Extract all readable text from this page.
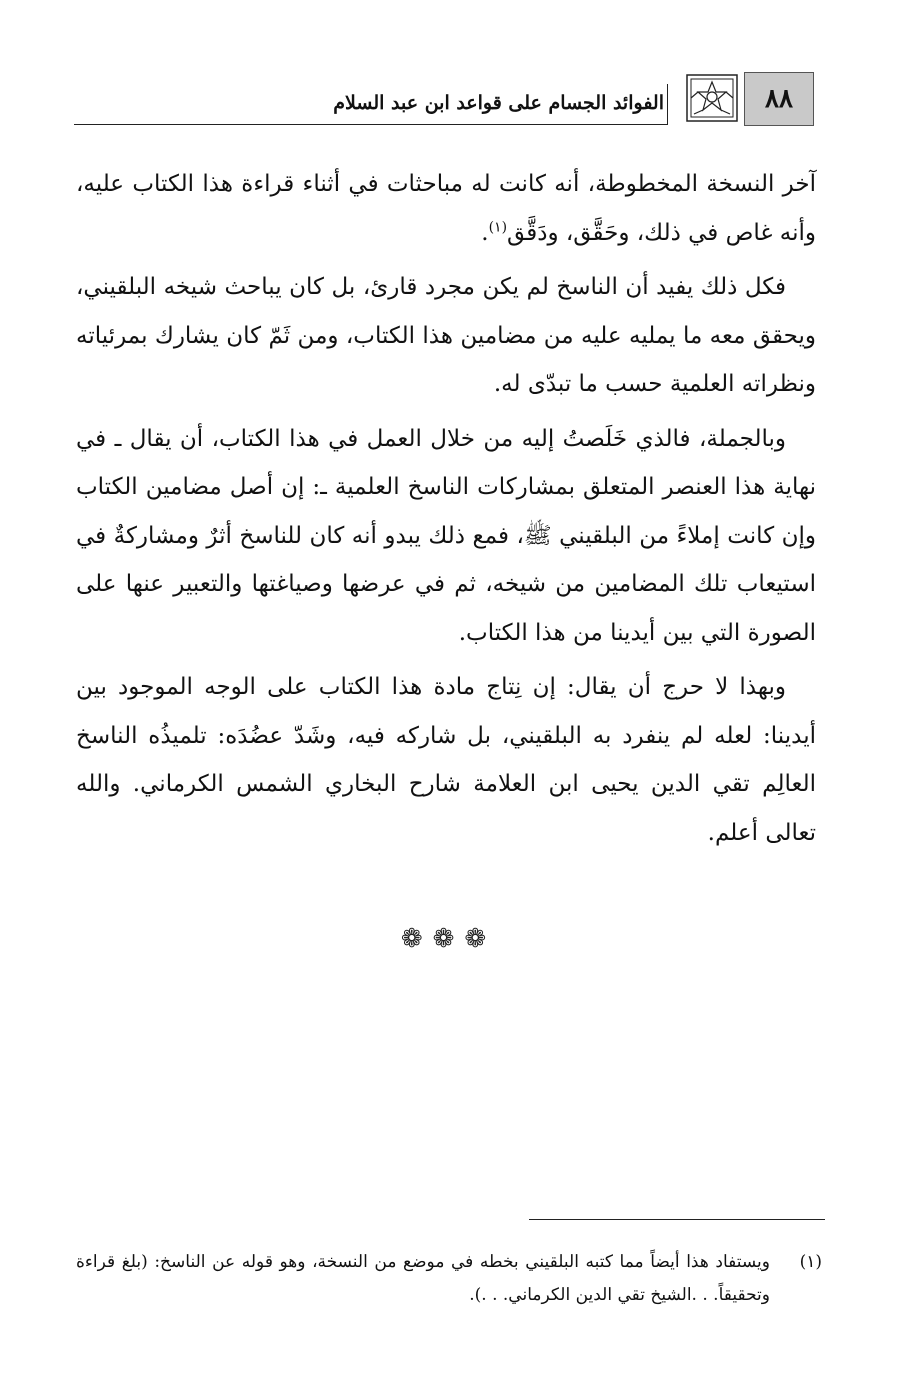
٨٨
الفوائد الجسام على قواعد ابن عبد السلام

آخر النسخة المخطوطة، أنه كانت له مباحثات في أثناء قراءة هذا الكتاب عليه، وأنه غاص في ذلك، وحَقَّق، ودَقَّق$^{(١)}$.

فكل ذلك يفيد أن الناسخ لم يكن مجرد قارئ، بل كان يباحث شيخه البلقيني، ويحقق معه ما يمليه عليه من مضامين هذا الكتاب، ومن ثَمّ كان يشارك بمرئياته ونظراته العلمية حسب ما تبدّى له.

وبالجملة، فالذي خَلَصتُ إليه من خلال العمل في هذا الكتاب، أن يقال ـ في نهاية هذا العنصر المتعلق بمشاركات الناسخ العلمية ـ: إن أصل مضامين الكتاب وإن كانت إملاءً من البلقيني ﷺ، فمع ذلك يبدو أنه كان للناسخ أثرٌ ومشاركةٌ في استيعاب تلك المضامين من شيخه، ثم في عرضها وصياغتها والتعبير عنها على الصورة التي بين أيدينا من هذا الكتاب.

وبهذا لا حرج أن يقال: إن نِتاج مادة هذا الكتاب على الوجه الموجود بين أيدينا: لعله لم ينفرد به البلقيني، بل شاركه فيه، وشَدّ عضُدَه: تلميذُه الناسخ العالِم تقي الدين يحيى ابن العلامة شارح البخاري الشمس الكرماني. والله تعالى أعلم.

❁❁❁
(١)
ويستفاد هذا أيضاً مما كتبه البلقيني بخطه في موضع من النسخة، وهو قوله عن الناسخ: (بلغ قراءة وتحقيقاً. . .الشيخ تقي الدين الكرماني. . .).
